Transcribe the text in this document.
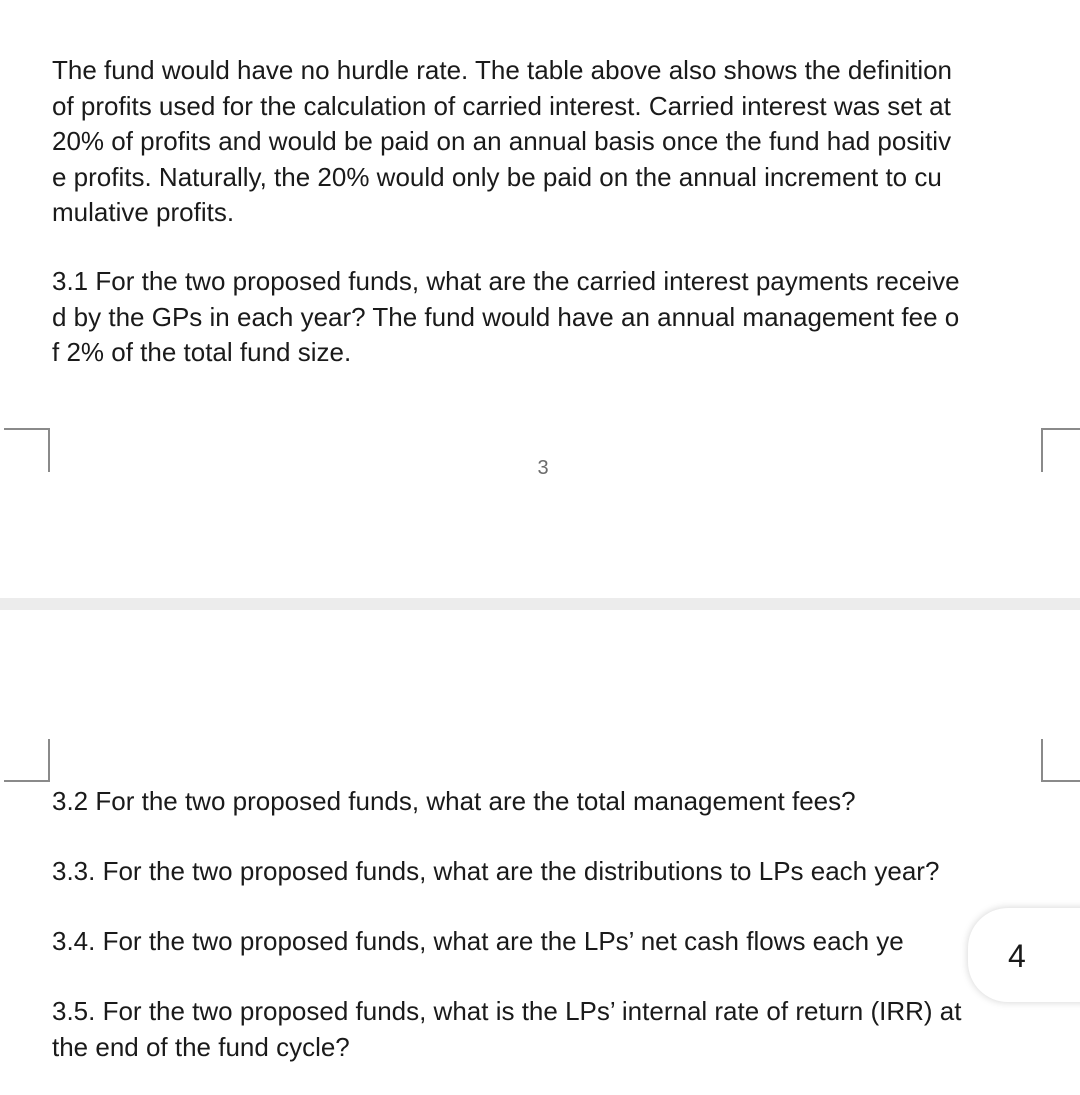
The fund would have no hurdle rate. The table above also shows the definition
of profits used for the calculation of carried interest. Carried interest was set at
20% of profits and would be paid on an annual basis once the fund had positiv
e profits. Naturally, the 20% would only be paid on the annual increment to cu
mulative profits.

3.1 For the two proposed funds, what are the carried interest payments receive
d by the GPs in each year? The fund would have an annual management fee o
f 2% of the total fund size.

3

3.2 For the two proposed funds, what are the total management fees?

3.3. For the two proposed funds, what are the distributions to LPs each year?

3.4. For the two proposed funds, what are the LPs’ net cash flows each ye

3.5. For the two proposed funds, what is the LPs’ internal rate of return (IRR) at
the end of the fund cycle?

4
